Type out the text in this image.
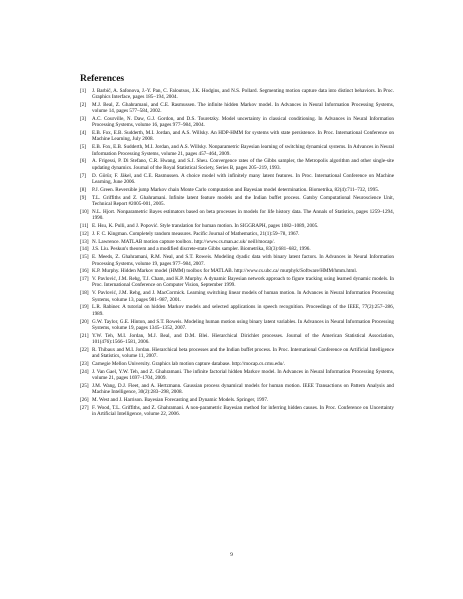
References
[1]	J. Barbič, A. Safonova, J.-Y. Pan, C. Faloutsos, J.K. Hodgins, and N.S. Pollard. Segmenting motion capture data into distinct behaviors. In Proc. Graphics Interface, pages 185–194, 2004.
[2]	M.J. Beal, Z. Ghahramani, and C.E. Rasmussen. The infinite hidden Markov model. In Advances in Neural Information Processing Systems, volume 14, pages 577–584, 2002.
[3]	A.C. Courville, N. Daw, G.J. Gordon, and D.S. Touretzky. Model uncertainty in classical conditioning. In Advances in Neural Information Processing Systems, volume 16, pages 977–984, 2004.
[4]	E.B. Fox, E.B. Sudderth, M.I. Jordan, and A.S. Willsky. An HDP-HMM for systems with state persistence. In Proc. International Conference on Machine Learning, July 2008.
[5]	E.B. Fox, E.B. Sudderth, M.I. Jordan, and A.S. Willsky. Nonparametric Bayesian learning of switching dynamical systems. In Advances in Neural Information Processing Systems, volume 21, pages 457–464, 2009.
[6]	A. Frigessi, P. Di Stefano, C.R. Hwang, and S.J. Sheu. Convergence rates of the Gibbs sampler, the Metropolis algorithm and other single-site updating dynamics. Journal of the Royal Statistical Society, Series B, pages 205–219, 1993.
[7]	D. Görür, F. Jäkel, and C.E. Rasmussen. A choice model with infinitely many latent features. In Proc. International Conference on Machine Learning, June 2006.
[8]	P.J. Green. Reversible jump Markov chain Monte Carlo computation and Bayesian model determination. Biometrika, 82(4):711–732, 1995.
[9]	T.L. Griffiths and Z. Ghahramani. Infinite latent feature models and the Indian buffet process. Gatsby Computational Neuroscience Unit, Technical Report #2005-001, 2005.
[10] N.L. Hjort. Nonparametric Bayes estimators based on beta processes in models for life history data. The Annals of Statistics, pages 1259–1294, 1990.
[11] E. Hsu, K. Pulli, and J. Popović. Style translation for human motion. In SIGGRAPH, pages 1082–1089, 2005.
[12] J. F. C. Kingman. Completely random measures. Pacific Journal of Mathematics, 21(1):59–78, 1967.
[13] N. Lawrence. MATLAB motion capture toolbox. http://www.cs.man.ac.uk/ neill/mocap/.
[14] J.S. Liu. Peskun's theorem and a modified discrete-state Gibbs sampler. Biometrika, 83(3):681–682, 1996.
[15] E. Meeds, Z. Ghahramani, R.M. Neal, and S.T. Roweis. Modeling dyadic data with binary latent factors. In Advances in Neural Information Processing Systems, volume 19, pages 977–984, 2007.
[16] K.P. Murphy. Hidden Markov model (HMM) toolbox for MATLAB. http://www.cs.ubc.ca/ murphyk/Software/HMM/hmm.html.
[17] V. Pavlović, J.M. Rehg, T.J. Cham, and K.P. Murphy. A dynamic Bayesian network approach to figure tracking using learned dynamic models. In Proc. International Conference on Computer Vision, September 1999.
[18] V. Pavlović, J.M. Rehg, and J. MacCormick. Learning switching linear models of human motion. In Advances in Neural Information Processing Systems, volume 13, pages 981–987, 2001.
[19] L.R. Rabiner. A tutorial on hidden Markov models and selected applications in speech recognition. Proceedings of the IEEE, 77(2):257–286, 1989.
[20] G.W. Taylor, G.E. Hinton, and S.T. Roweis. Modeling human motion using binary latent variables. In Advances in Neural Information Processing Systems, volume 19, pages 1345–1352, 2007.
[21] Y.W. Teh, M.I. Jordan, M.J. Beal, and D.M. Blei. Hierarchical Dirichlet processes. Journal of the American Statistical Association, 101(476):1566–1581, 2006.
[22] R. Thibaux and M.I. Jordan. Hierarchical beta processes and the Indian buffet process. In Proc. International Conference on Artificial Intelligence and Statistics, volume 11, 2007.
[23] Carnegie Mellon University. Graphics lab motion capture database. http://mocap.cs.cmu.edu/.
[24] J. Van Gael, Y.W. Teh, and Z. Ghahramani. The infinite factorial hidden Markov model. In Advances in Neural Information Processing Systems, volume 21, pages 1697–1704, 2009.
[25] J.M. Wang, D.J. Fleet, and A. Hertzmann. Gaussian process dynamical models for human motion. IEEE Transactions on Pattern Analysis and Machine Intelligence, 30(2):283–298, 2008.
[26] M. West and J. Harrison. Bayesian Forecasting and Dynamic Models. Springer, 1997.
[27] F. Wood, T.L. Griffiths, and Z. Ghahramani. A non-parametric Bayesian method for inferring hidden causes. In Proc. Conference on Uncertainty in Artificial Intelligence, volume 22, 2006.
9
